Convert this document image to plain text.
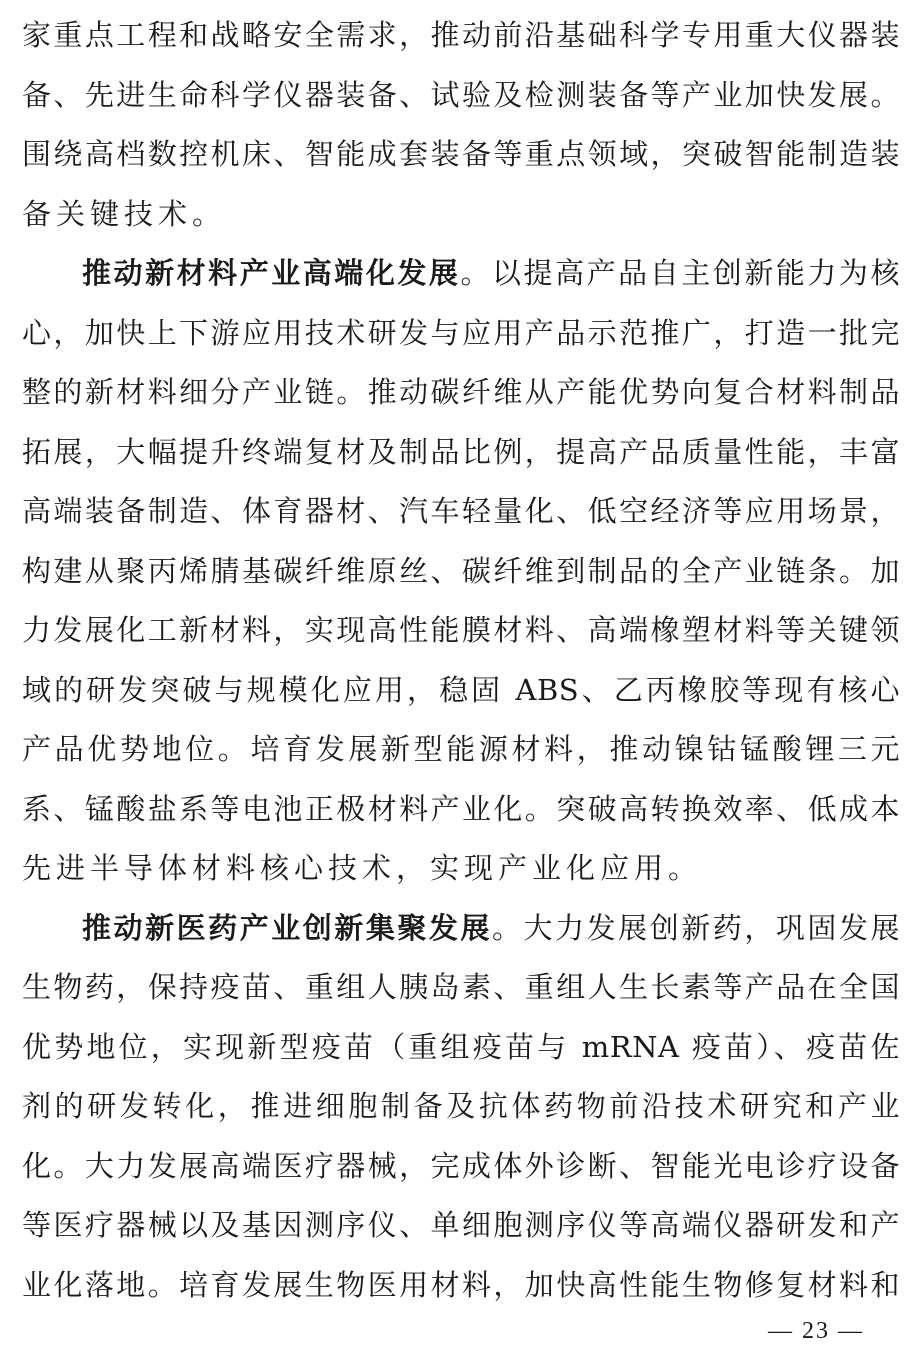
家重点工程和战略安全需求，推动前沿基础科学专用重大仪器装
备、先进生命科学仪器装备、试验及检测装备等产业加快发展。
围绕高档数控机床、智能成套装备等重点领域，突破智能制造装
备关键技术。
推动新材料产业高端化发展。以提高产品自主创新能力为核
心，加快上下游应用技术研发与应用产品示范推广，打造一批完
整的新材料细分产业链。推动碳纤维从产能优势向复合材料制品
拓展，大幅提升终端复材及制品比例，提高产品质量性能，丰富
高端装备制造、体育器材、汽车轻量化、低空经济等应用场景，
构建从聚丙烯腈基碳纤维原丝、碳纤维到制品的全产业链条。加
力发展化工新材料，实现高性能膜材料、高端橡塑材料等关键领
域的研发突破与规模化应用，稳固 ABS、乙丙橡胶等现有核心
产品优势地位。培育发展新型能源材料，推动镍钴锰酸锂三元
系、锰酸盐系等电池正极材料产业化。突破高转换效率、低成本
先进半导体材料核心技术，实现产业化应用。
推动新医药产业创新集聚发展。大力发展创新药，巩固发展
生物药，保持疫苗、重组人胰岛素、重组人生长素等产品在全国
优势地位，实现新型疫苗（重组疫苗与 mRNA 疫苗）、疫苗佐
剂的研发转化，推进细胞制备及抗体药物前沿技术研究和产业
化。大力发展高端医疗器械，完成体外诊断、智能光电诊疗设备
等医疗器械以及基因测序仪、单细胞测序仪等高端仪器研发和产
业化落地。培育发展生物医用材料，加快高性能生物修复材料和
— 23 —
